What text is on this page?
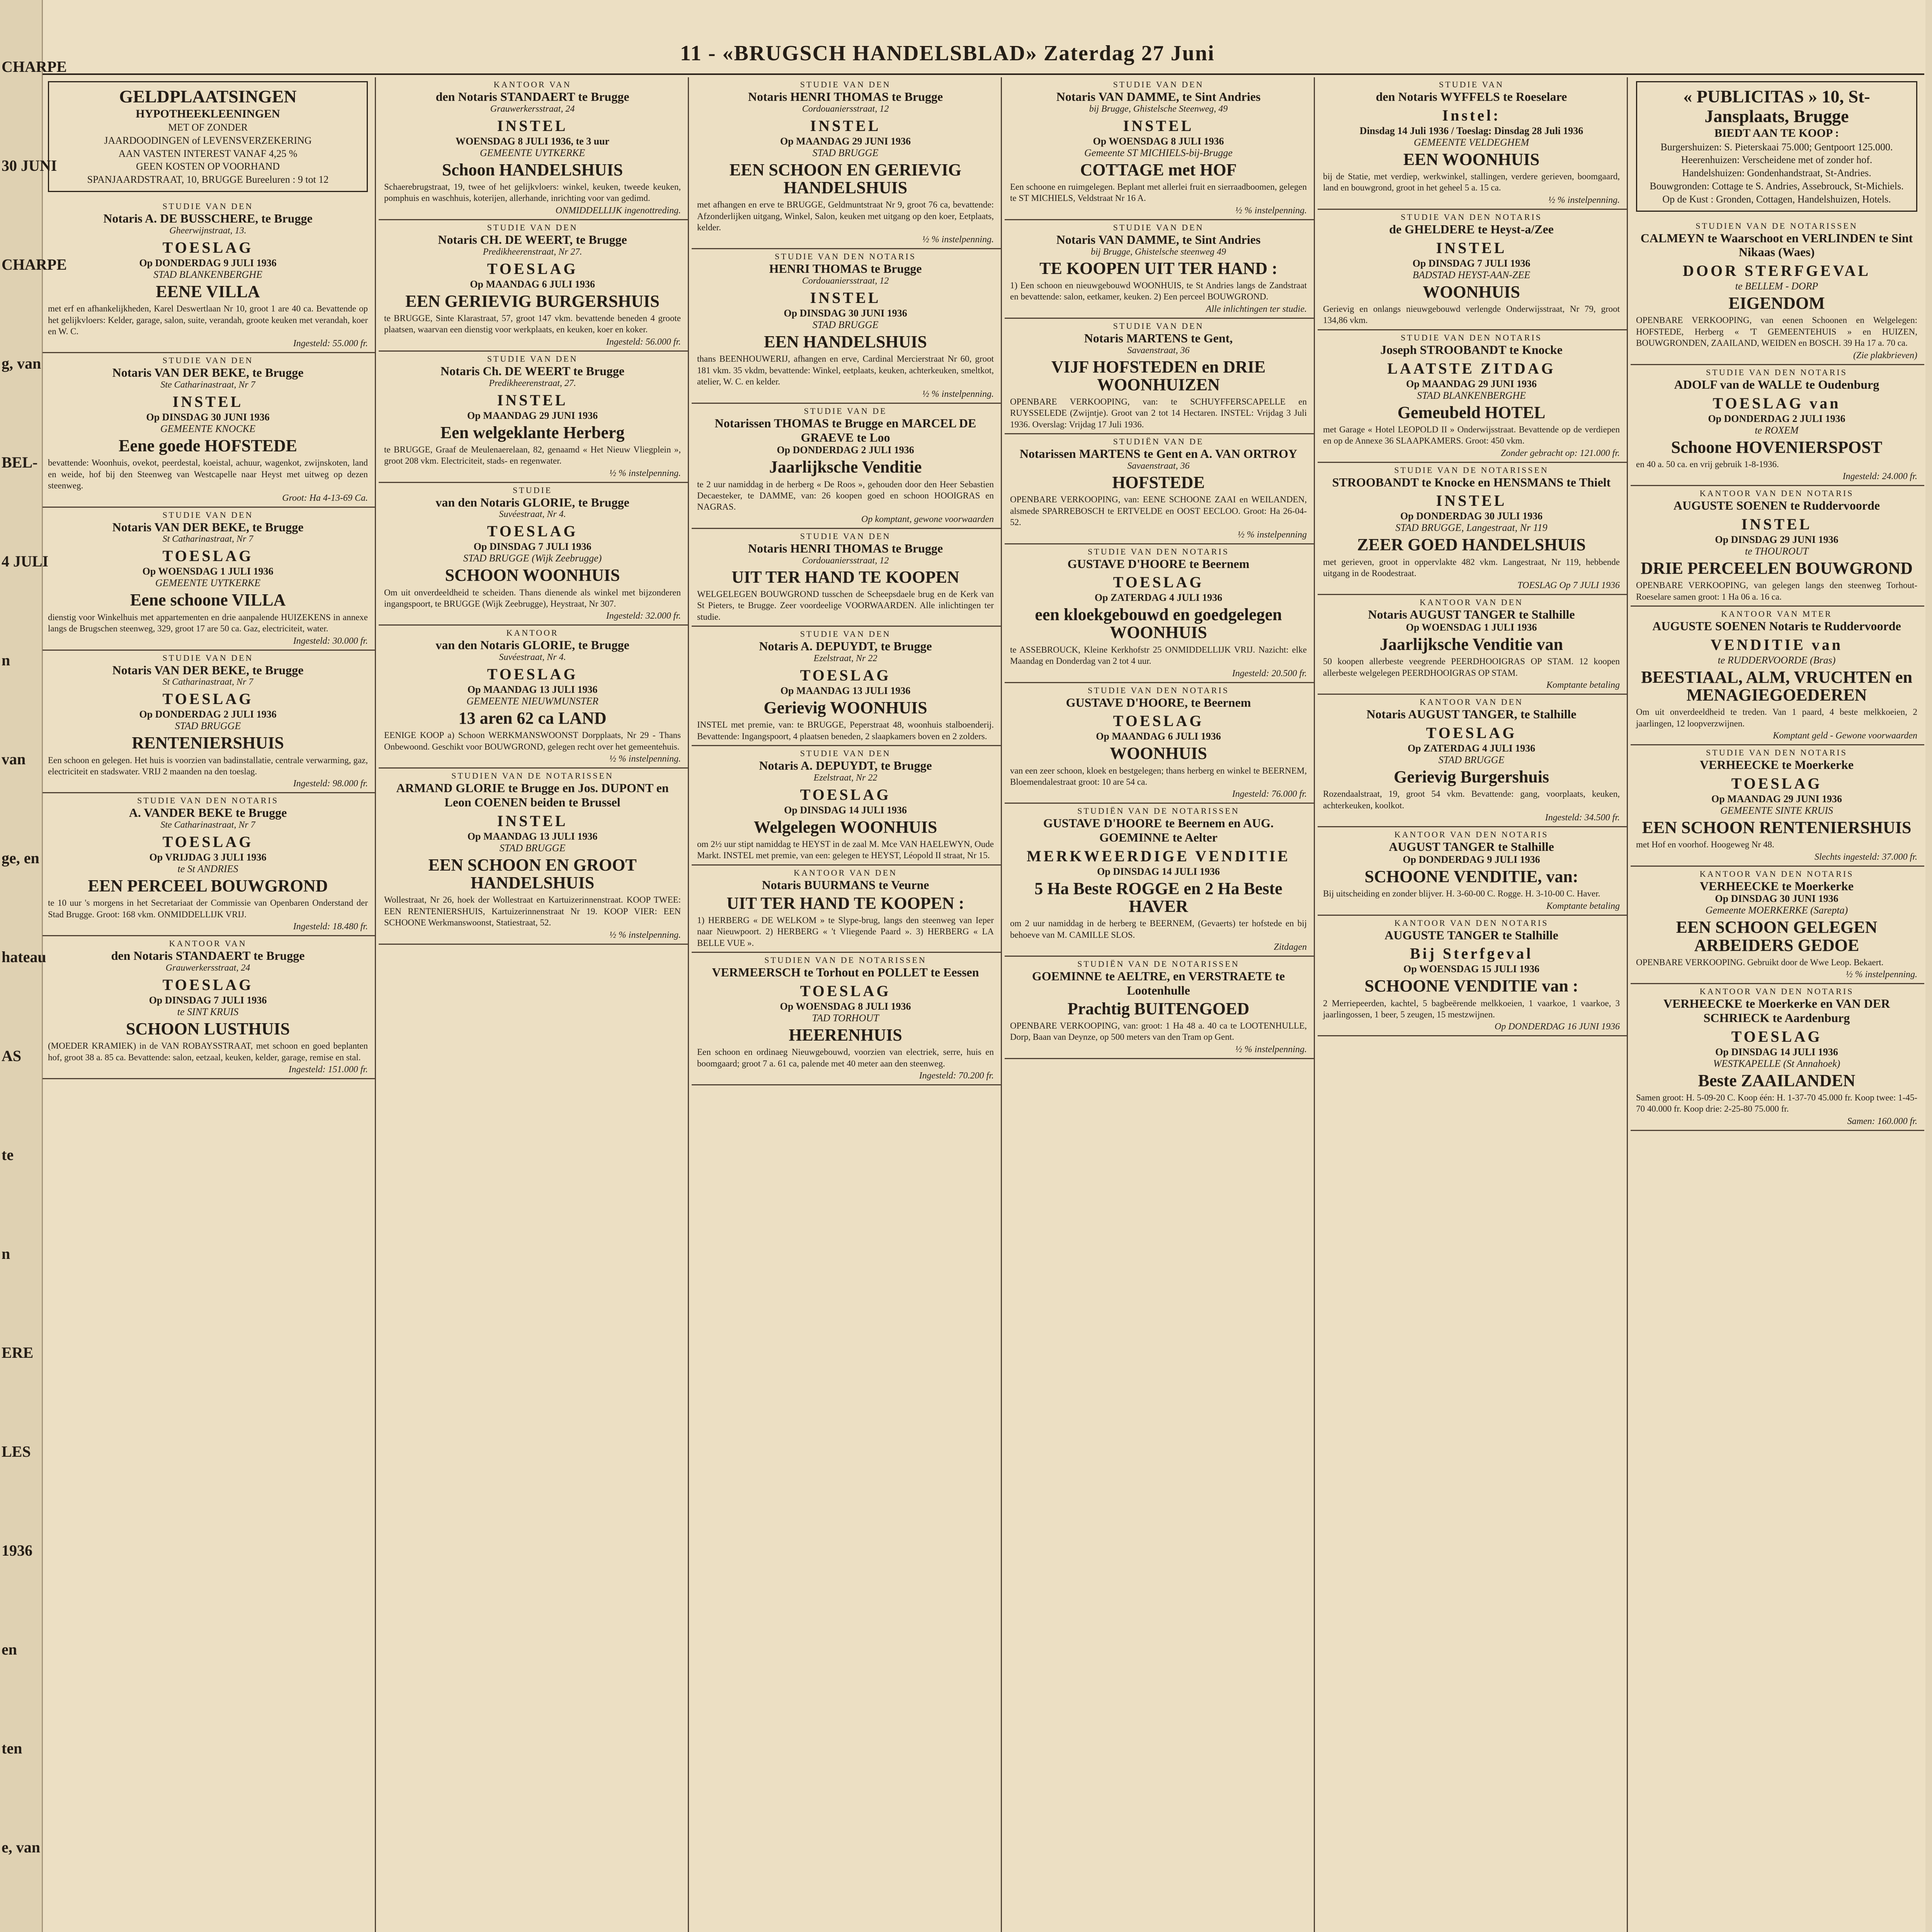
CHARPE
30 JUNI
CHARPE
g, van
BEL-
4 JULI
n
van
ge, en
hateau
AS
te
n
ERE
LES
1936
en
ten
e, van
11 - «BRUGSCH HANDELSBLAD» Zaterdag 27 Juni
GELDPLAATSINGEN
HYPOTHEEKLEENINGEN
MET OF ZONDER
JAARDOODINGEN of LEVENSVERZEKERING
AAN VASTEN INTEREST VANAF 4,25 %
GEEN KOSTEN OP VOORHAND
SPANJAARDSTRAAT, 10, BRUGGE Bureeluren : 9 tot 12
STUDIE VAN DEN
Notaris A. DE BUSSCHERE, te Brugge
Gheerwijnstraat, 13.
TOESLAG
Op DONDERDAG 9 JULI 1936
STAD BLANKENBERGHE
EENE VILLA
met erf en afhankelijkheden, Karel Deswertlaan Nr 10, groot 1 are 40 ca. Bevattende op het gelijkvloers: Kelder, garage, salon, suite, verandah, groote keuken met verandah, koer en W. C.
Ingesteld: 55.000 fr.
STUDIE VAN DEN
Notaris VAN DER BEKE, te Brugge
Ste Catharinastraat, Nr 7
INSTEL
Op DINSDAG 30 JUNI 1936
GEMEENTE KNOCKE
Eene goede HOFSTEDE
bevattende: Woonhuis, ovekot, peerdestal, koeistal, achuur, wagenkot, zwijnskoten, land en weide, hof bij den Steenweg van Westcapelle naar Heyst met uitweg op dezen steenweg.
Groot: Ha 4-13-69 Ca.
STUDIE VAN DEN
Notaris VAN DER BEKE, te Brugge
St Catharinastraat, Nr 7
TOESLAG
Op WOENSDAG 1 JULI 1936
GEMEENTE UYTKERKE
Eene schoone VILLA
dienstig voor Winkelhuis met appartementen en drie aanpalende HUIZEKENS in annexe langs de Brugschen steenweg, 329, groot 17 are 50 ca. Gaz, electriciteit, water.
Ingesteld: 30.000 fr.
STUDIE VAN DEN
Notaris VAN DER BEKE, te Brugge
St Catharinastraat, Nr 7
TOESLAG
Op DONDERDAG 2 JULI 1936
STAD BRUGGE
RENTENIERSHUIS
Een schoon en gelegen. Het huis is voorzien van badinstallatie, centrale verwarming, gaz, electriciteit en stadswater. VRIJ 2 maanden na den toeslag.
Ingesteld: 98.000 fr.
STUDIE VAN DEN NOTARIS
A. VANDER BEKE te Brugge
Ste Catharinastraat, Nr 7
TOESLAG
Op VRIJDAG 3 JULI 1936
te St ANDRIES
EEN PERCEEL BOUWGROND
te 10 uur 's morgens in het Secretariaat der Commissie van Openbaren Onderstand der Stad Brugge. Groot: 168 vkm. ONMIDDELLIJK VRIJ.
Ingesteld: 18.480 fr.
KANTOOR VAN
den Notaris STANDAERT te Brugge
Grauwerkersstraat, 24
TOESLAG
Op DINSDAG 7 JULI 1936
te SINT KRUIS
SCHOON LUSTHUIS
(MOEDER KRAMIEK) in de VAN ROBAYSSTRAAT, met schoon en goed beplanten hof, groot 38 a. 85 ca. Bevattende: salon, eetzaal, keuken, kelder, garage, remise en stal.
Ingesteld: 151.000 fr.
KANTOOR VAN
den Notaris STANDAERT te Brugge
Grauwerkersstraat, 24
INSTEL
WOENSDAG 8 JULI 1936, te 3 uur
GEMEENTE UYTKERKE
Schoon HANDELSHUIS
Schaerebrugstraat, 19, twee of het gelijkvloers: winkel, keuken, tweede keuken, pomphuis en waschhuis, koterijen, allerhande, inrichting voor van gedimd.
ONMIDDELLIJK ingenottreding.
STUDIE VAN DEN
Notaris CH. DE WEERT, te Brugge
Predikheerenstraat, Nr 27.
TOESLAG
Op MAANDAG 6 JULI 1936
EEN GERIEVIG BURGERSHUIS
te BRUGGE, Sinte Klarastraat, 57, groot 147 vkm. bevattende beneden 4 groote plaatsen, waarvan een dienstig voor werkplaats, en keuken, koer en koker.
Ingesteld: 56.000 fr.
STUDIE VAN DEN
Notaris Ch. DE WEERT te Brugge
Predikheerenstraat, 27.
INSTEL
Op MAANDAG 29 JUNI 1936
Een welgeklante Herberg
te BRUGGE, Graaf de Meulenaerelaan, 82, genaamd « Het Nieuw Vliegplein », groot 208 vkm. Electriciteit, stads- en regenwater.
½ % instelpenning.
STUDIE
van den Notaris GLORIE, te Brugge
Suvéestraat, Nr 4.
TOESLAG
Op DINSDAG 7 JULI 1936
STAD BRUGGE (Wijk Zeebrugge)
SCHOON WOONHUIS
Om uit onverdeeldheid te scheiden. Thans dienende als winkel met bijzonderen ingangspoort, te BRUGGE (Wijk Zeebrugge), Heystraat, Nr 307.
Ingesteld: 32.000 fr.
KANTOOR
van den Notaris GLORIE, te Brugge
Suvéestraat, Nr 4.
TOESLAG
Op MAANDAG 13 JULI 1936
GEMEENTE NIEUWMUNSTER
13 aren 62 ca LAND
EENIGE KOOP a) Schoon WERKMANSWOONST Dorpplaats, Nr 29 - Thans Onbewoond. Geschikt voor BOUWGROND, gelegen recht over het gemeentehuis.
½ % instelpenning.
STUDIEN VAN DE NOTARISSEN
ARMAND GLORIE te Brugge en Jos. DUPONT en Leon COENEN beiden te Brussel
INSTEL
Op MAANDAG 13 JULI 1936
STAD BRUGGE
EEN SCHOON EN GROOT HANDELSHUIS
Wollestraat, Nr 26, hoek der Wollestraat en Kartuizerinnenstraat. KOOP TWEE: EEN RENTENIERSHUIS, Kartuizerinnenstraat Nr 19. KOOP VIER: EEN SCHOONE Werkmanswoonst, Statiestraat, 52.
½ % instelpenning.
STUDIE VAN DEN
Notaris HENRI THOMAS te Brugge
Cordouaniersstraat, 12
INSTEL
Op MAANDAG 29 JUNI 1936
STAD BRUGGE
EEN SCHOON EN GERIEVIG HANDELSHUIS
met afhangen en erve te BRUGGE, Geldmuntstraat Nr 9, groot 76 ca, bevattende: Afzonderlijken uitgang, Winkel, Salon, keuken met uitgang op den koer, Eetplaats, kelder.
½ % instelpenning.
STUDIE VAN DEN NOTARIS
HENRI THOMAS te Brugge
Cordouaniersstraat, 12
INSTEL
Op DINSDAG 30 JUNI 1936
STAD BRUGGE
EEN HANDELSHUIS
thans BEENHOUWERIJ, afhangen en erve, Cardinal Mercierstraat Nr 60, groot 181 vkm. 35 vkdm, bevattende: Winkel, eetplaats, keuken, achterkeuken, smeltkot, atelier, W. C. en kelder.
½ % instelpenning.
STUDIE VAN DE
Notarissen THOMAS te Brugge en MARCEL DE GRAEVE te Loo
Op DONDERDAG 2 JULI 1936
Jaarlijksche Venditie
te 2 uur namiddag in de herberg « De Roos », gehouden door den Heer Sebastien Decaesteker, te DAMME, van: 26 koopen goed en schoon HOOIGRAS en NAGRAS.
Op komptant, gewone voorwaarden
STUDIE VAN DEN
Notaris HENRI THOMAS te Brugge
Cordouaniersstraat, 12
UIT TER HAND TE KOOPEN
WELGELEGEN BOUWGROND tusschen de Scheepsdaele brug en de Kerk van St Pieters, te Brugge. Zeer voordeelige VOORWAARDEN. Alle inlichtingen ter studie.
STUDIE VAN DEN
Notaris A. DEPUYDT, te Brugge
Ezelstraat, Nr 22
TOESLAG
Op MAANDAG 13 JULI 1936
Gerievig WOONHUIS
INSTEL met premie, van: te BRUGGE, Peperstraat 48, woonhuis stalboenderij. Bevattende: Ingangspoort, 4 plaatsen beneden, 2 slaapkamers boven en 2 zolders.
STUDIE VAN DEN
Notaris A. DEPUYDT, te Brugge
Ezelstraat, Nr 22
TOESLAG
Op DINSDAG 14 JULI 1936
Welgelegen WOONHUIS
om 2½ uur stipt namiddag te HEYST in de zaal M. Mce VAN HAELEWYN, Oude Markt. INSTEL met premie, van een: gelegen te HEYST, Léopold II straat, Nr 15.
KANTOOR VAN DEN
Notaris BUURMANS te Veurne
UIT TER HAND TE KOOPEN :
1) HERBERG « DE WELKOM » te Slype-brug, langs den steenweg van Ieper naar Nieuwpoort. 2) HERBERG « 't Vliegende Paard ». 3) HERBERG « LA BELLE VUE ».
STUDIEN VAN DE NOTARISSEN
VERMEERSCH te Torhout en POLLET te Eessen
TOESLAG
Op WOENSDAG 8 JULI 1936
TAD TORHOUT
HEERENHUIS
Een schoon en ordinaeg Nieuwgebouwd, voorzien van electriek, serre, huis en boomgaard; groot 7 a. 61 ca, palende met 40 meter aan den steenweg.
Ingesteld: 70.200 fr.
STUDIE VAN DEN
Notaris VAN DAMME, te Sint Andries
bij Brugge, Ghistelsche Steenweg, 49
INSTEL
Op WOENSDAG 8 JULI 1936
Gemeente ST MICHIELS-bij-Brugge
COTTAGE met HOF
Een schoone en ruimgelegen. Beplant met allerlei fruit en sierraadboomen, gelegen te ST MICHIELS, Veldstraat Nr 16 A.
½ % instelpenning.
STUDIE VAN DEN
Notaris VAN DAMME, te Sint Andries
bij Brugge, Ghistelsche steenweg 49
TE KOOPEN UIT TER HAND :
1) Een schoon en nieuwgebouwd WOONHUIS, te St Andries langs de Zandstraat en bevattende: salon, eetkamer, keuken. 2) Een perceel BOUWGROND.
Alle inlichtingen ter studie.
STUDIE VAN DEN
Notaris MARTENS te Gent,
Savaenstraat, 36
VIJF HOFSTEDEN en DRIE WOONHUIZEN
OPENBARE VERKOOPING, van: te SCHUYFFERSCAPELLE en RUYSSELEDE (Zwijntje). Groot van 2 tot 14 Hectaren. INSTEL: Vrijdag 3 Juli 1936. Overslag: Vrijdag 17 Juli 1936.
STUDIËN VAN DE
Notarissen MARTENS te Gent en A. VAN ORTROY
Savaenstraat, 36
HOFSTEDE
OPENBARE VERKOOPING, van: EENE SCHOONE ZAAI en WEILANDEN, alsmede SPARREBOSCH te ERTVELDE en OOST EECLOO. Groot: Ha 26-04-52.
½ % instelpenning
STUDIE VAN DEN NOTARIS
GUSTAVE D'HOORE te Beernem
TOESLAG
Op ZATERDAG 4 JULI 1936
een kloekgebouwd en goedgelegen WOONHUIS
te ASSEBROUCK, Kleine Kerkhofstr 25 ONMIDDELLIJK VRIJ. Nazicht: elke Maandag en Donderdag van 2 tot 4 uur.
Ingesteld: 20.500 fr.
STUDIE VAN DEN NOTARIS
GUSTAVE D'HOORE, te Beernem
TOESLAG
Op MAANDAG 6 JULI 1936
WOONHUIS
van een zeer schoon, kloek en bestgelegen; thans herberg en winkel te BEERNEM, Bloemendalestraat groot: 10 are 54 ca.
Ingesteld: 76.000 fr.
STUDIËN VAN DE NOTARISSEN
GUSTAVE D'HOORE te Beernem en AUG. GOEMINNE te Aelter
MERKWEERDIGE VENDITIE
Op DINSDAG 14 JULI 1936
5 Ha Beste ROGGE en 2 Ha Beste HAVER
om 2 uur namiddag in de herberg te BEERNEM, (Gevaerts) ter hofstede en bij behoeve van M. CAMILLE SLOS.
Zitdagen
STUDIËN VAN DE NOTARISSEN
GOEMINNE te AELTRE, en VERSTRAETE te Lootenhulle
Prachtig BUITENGOED
OPENBARE VERKOOPING, van: groot: 1 Ha 48 a. 40 ca te LOOTENHULLE, Dorp, Baan van Deynze, op 500 meters van den Tram op Gent.
½ % instelpenning.
STUDIE VAN
den Notaris WYFFELS te Roeselare
Instel:
Dinsdag 14 Juli 1936 / Toeslag: Dinsdag 28 Juli 1936
GEMEENTE VELDEGHEM
EEN WOONHUIS
bij de Statie, met verdiep, werkwinkel, stallingen, verdere gerieven, boomgaard, land en bouwgrond, groot in het geheel 5 a. 15 ca.
½ % instelpenning.
STUDIE VAN DEN NOTARIS
de GHELDERE te Heyst-a/Zee
INSTEL
Op DINSDAG 7 JULI 1936
BADSTAD HEYST-AAN-ZEE
WOONHUIS
Gerievig en onlangs nieuwgebouwd verlengde Onderwijsstraat, Nr 79, groot 134,86 vkm.
STUDIE VAN DEN NOTARIS
Joseph STROOBANDT te Knocke
LAATSTE ZITDAG
Op MAANDAG 29 JUNI 1936
STAD BLANKENBERGHE
Gemeubeld HOTEL
met Garage « Hotel LEOPOLD II » Onderwijsstraat. Bevattende op de verdiepen en op de Annexe 36 SLAAPKAMERS. Groot: 450 vkm.
Zonder gebracht op: 121.000 fr.
STUDIE VAN DE NOTARISSEN
STROOBANDT te Knocke en HENSMANS te Thielt
INSTEL
Op DONDERDAG 30 JULI 1936
STAD BRUGGE, Langestraat, Nr 119
ZEER GOED HANDELSHUIS
met gerieven, groot in oppervlakte 482 vkm. Langestraat, Nr 119, hebbende uitgang in de Roodestraat.
TOESLAG Op 7 JULI 1936
KANTOOR VAN DEN
Notaris AUGUST TANGER te Stalhille
Op WOENSDAG 1 JULI 1936
Jaarlijksche Venditie van
50 koopen allerbeste veegrende PEERDHOOIGRAS OP STAM. 12 koopen allerbeste welgelegen PEERDHOOIGRAS OP STAM.
Komptante betaling
KANTOOR VAN DEN
Notaris AUGUST TANGER, te Stalhille
TOESLAG
Op ZATERDAG 4 JULI 1936
STAD BRUGGE
Gerievig Burgershuis
Rozendaalstraat, 19, groot 54 vkm. Bevattende: gang, voorplaats, keuken, achterkeuken, koolkot.
Ingesteld: 34.500 fr.
KANTOOR VAN DEN NOTARIS
AUGUST TANGER te Stalhille
Op DONDERDAG 9 JULI 1936
SCHOONE VENDITIE, van:
Bij uitscheiding en zonder blijver. H. 3-60-00 C. Rogge. H. 3-10-00 C. Haver.
Komptante betaling
KANTOOR VAN DEN NOTARIS
AUGUSTE TANGER te Stalhille
Bij Sterfgeval
Op WOENSDAG 15 JULI 1936
SCHOONE VENDITIE van :
2 Merriepeerden, kachtel, 5 bagbeërende melkkoeien, 1 vaarkoe, 1 vaarkoe, 3 jaarlingossen, 1 beer, 5 zeugen, 15 mestzwijnen.
Op DONDERDAG 16 JUNI 1936
« PUBLICITAS » 10, St-Jansplaats, Brugge
BIEDT AAN TE KOOP :
Burgershuizen: S. Pieterskaai 75.000; Gentpoort 125.000.
Heerenhuizen: Verscheidene met of zonder hof.
Handelshuizen: Gondenhandstraat, St-Andries.
Bouwgronden: Cottage te S. Andries, Assebrouck, St-Michiels.
Op de Kust : Gronden, Cottagen, Handelshuizen, Hotels.
STUDIEN VAN DE NOTARISSEN
CALMEYN te Waarschoot en VERLINDEN te Sint Nikaas (Waes)
DOOR STERFGEVAL
te BELLEM - DORP
EIGENDOM
OPENBARE VERKOOPING, van eenen Schoonen en Welgelegen: HOFSTEDE, Herberg « 'T GEMEENTEHUIS » en HUIZEN, BOUWGRONDEN, ZAAILAND, WEIDEN en BOSCH. 39 Ha 17 a. 70 ca.
(Zie plakbrieven)
STUDIE VAN DEN NOTARIS
ADOLF van de WALLE te Oudenburg
TOESLAG van
Op DONDERDAG 2 JULI 1936
te ROXEM
Schoone HOVENIERSPOST
en 40 a. 50 ca. en vrij gebruik 1-8-1936.
Ingesteld: 24.000 fr.
KANTOOR VAN DEN NOTARIS
AUGUSTE SOENEN te Ruddervoorde
INSTEL
Op DINSDAG 29 JUNI 1936
te THOUROUT
DRIE PERCEELEN BOUWGROND
OPENBARE VERKOOPING, van gelegen langs den steenweg Torhout-Roeselare samen groot: 1 Ha 06 a. 16 ca.
KANTOOR VAN MTER
AUGUSTE SOENEN Notaris te Ruddervoorde
VENDITIE van
te RUDDERVOORDE (Bras)
BEESTIAAL, ALM, VRUCHTEN en MENAGIEGOEDEREN
Om uit onverdeeldheid te treden. Van 1 paard, 4 beste melkkoeien, 2 jaarlingen, 12 loopverzwijnen.
Komptant geld - Gewone voorwaarden
STUDIE VAN DEN NOTARIS
VERHEECKE te Moerkerke
TOESLAG
Op MAANDAG 29 JUNI 1936
GEMEENTE SINTE KRUIS
EEN SCHOON RENTENIERSHUIS
met Hof en voorhof. Hoogeweg Nr 48.
Slechts ingesteld: 37.000 fr.
KANTOOR VAN DEN NOTARIS
VERHEECKE te Moerkerke
Op DINSDAG 30 JUNI 1936
Gemeente MOERKERKE (Sarepta)
EEN SCHOON GELEGEN ARBEIDERS GEDOE
OPENBARE VERKOOPING. Gebruikt door de Wwe Leop. Bekaert.
½ % instelpenning.
KANTOOR VAN DEN NOTARIS
VERHEECKE te Moerkerke en VAN DER SCHRIECK te Aardenburg
TOESLAG
Op DINSDAG 14 JULI 1936
WESTKAPELLE (St Annahoek)
Beste ZAAILANDEN
Samen groot: H. 5-09-20 C. Koop één: H. 1-37-70 45.000 fr. Koop twee: 1-45-70 40.000 fr. Koop drie: 2-25-80 75.000 fr.
Samen: 160.000 fr.
